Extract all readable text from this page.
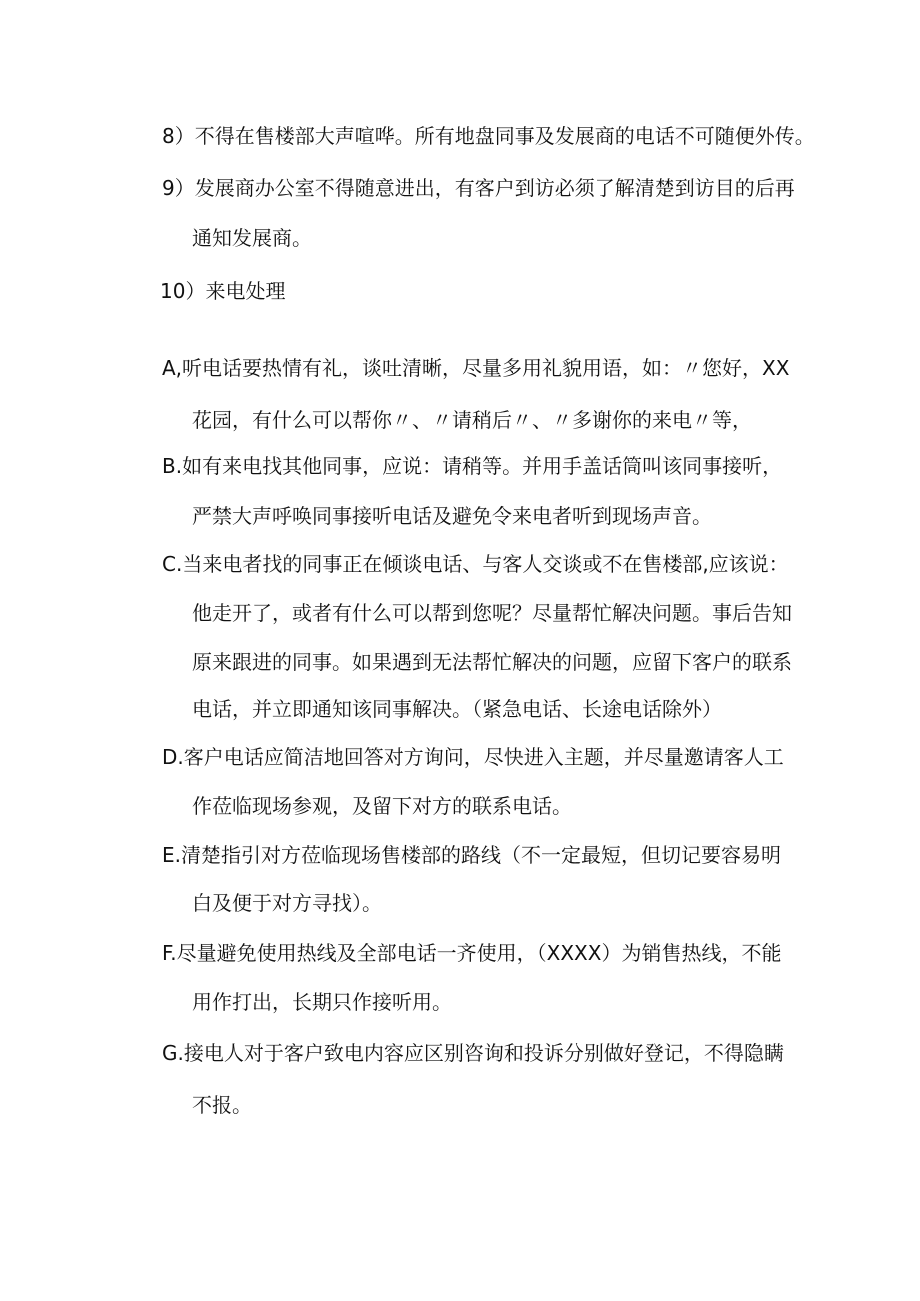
8）不得在售楼部大声喧哗。所有地盘同事及发展商的电话不可随便外传。
9）发展商办公室不得随意进出，有客户到访必须了解清楚到访目的后再
通知发展商。
10）来电处理
A,听电话要热情有礼，谈吐清晰，尽量多用礼貌用语，如：〃您好，XX
花园，有什么可以帮你〃、〃请稍后〃、〃多谢你的来电〃等，
B.如有来电找其他同事，应说：请稍等。并用手盖话筒叫该同事接听，
严禁大声呼唤同事接听电话及避免令来电者听到现场声音。
C.当来电者找的同事正在倾谈电话、与客人交谈或不在售楼部,应该说：
他走开了，或者有什么可以帮到您呢？尽量帮忙解决问题。事后告知
原来跟进的同事。如果遇到无法帮忙解决的问题，应留下客户的联系
电话，并立即通知该同事解决。（紧急电话、长途电话除外）
D.客户电话应简洁地回答对方询问，尽快进入主题，并尽量邀请客人工
作莅临现场参观，及留下对方的联系电话。
E.清楚指引对方莅临现场售楼部的路线（不一定最短，但切记要容易明
白及便于对方寻找）。
F.尽量避免使用热线及全部电话一齐使用，（XXXX）为销售热线，不能
用作打出，长期只作接听用。
G.接电人对于客户致电内容应区别咨询和投诉分别做好登记，不得隐瞒
不报。
